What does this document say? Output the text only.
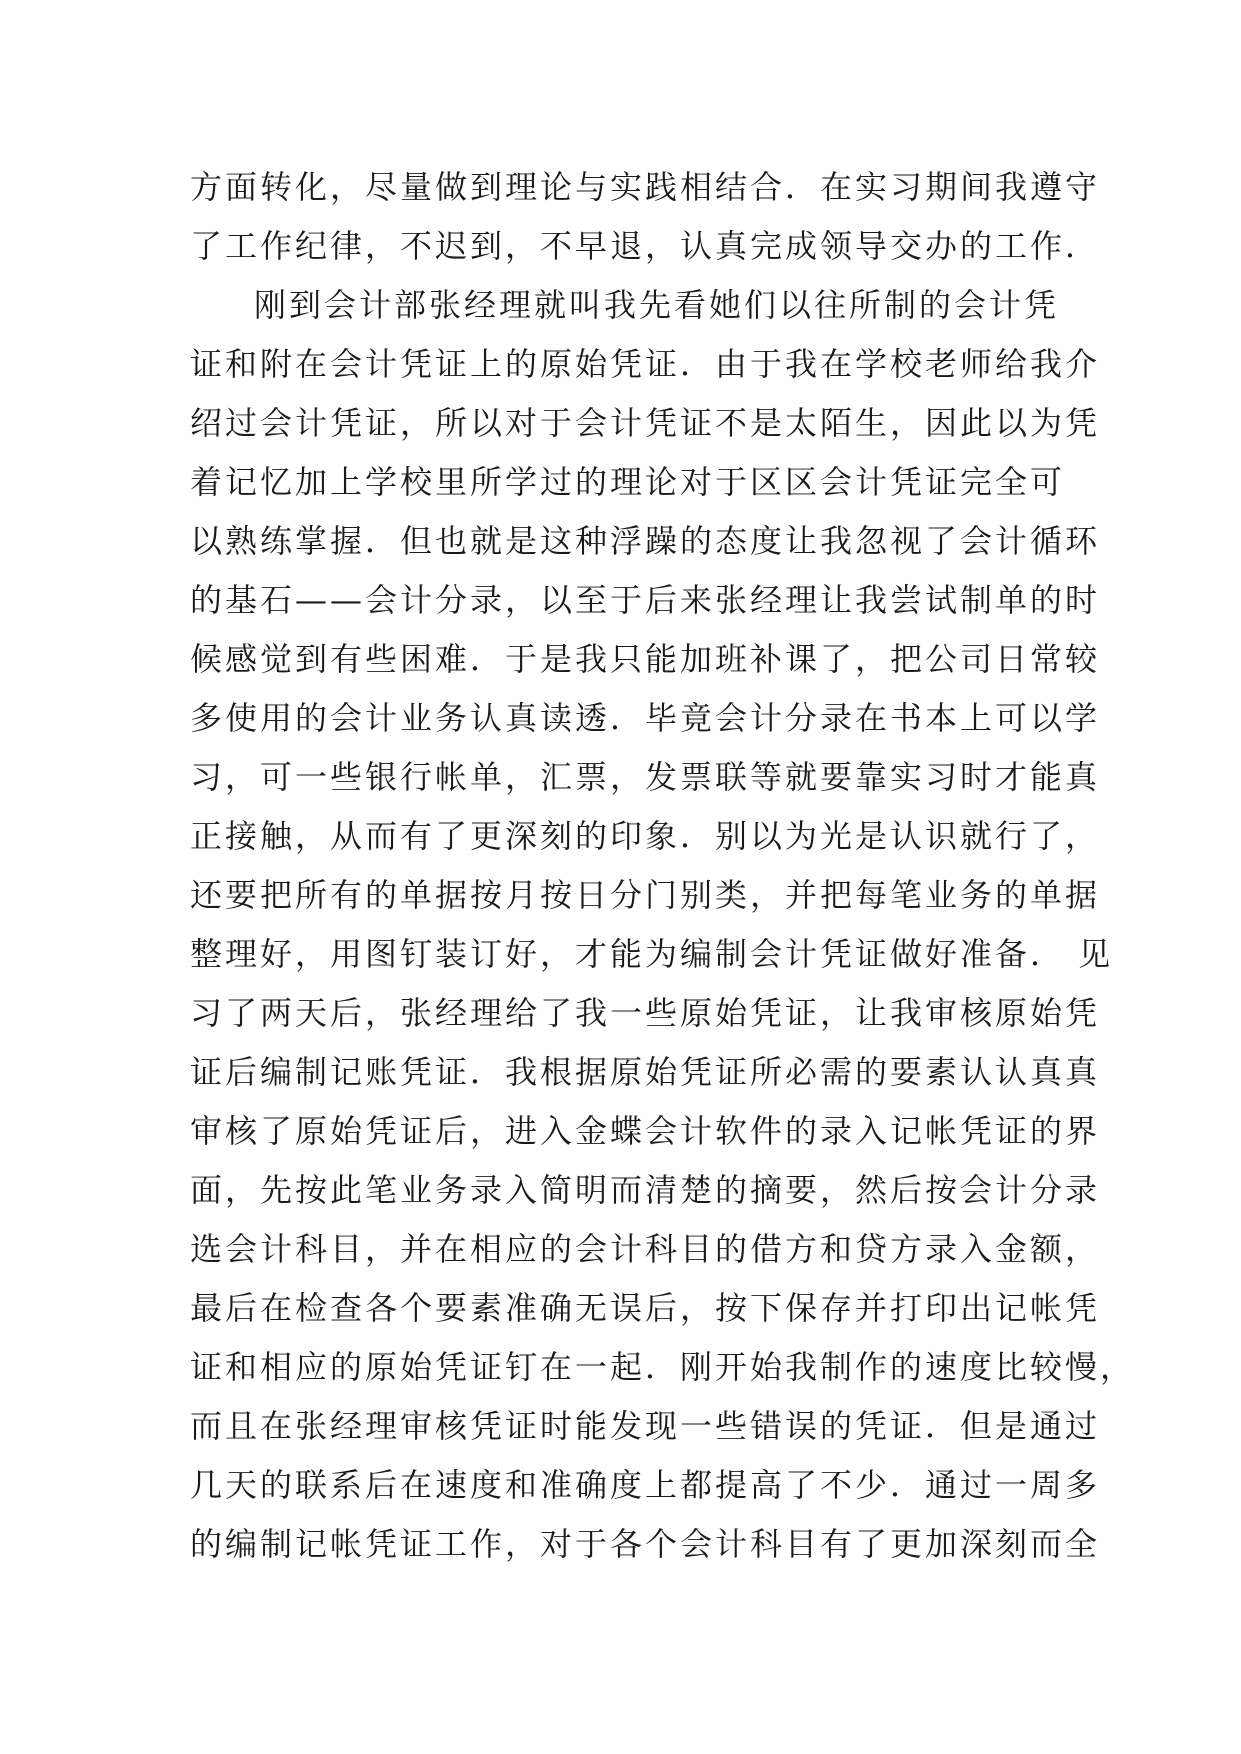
方面转化，尽量做到理论与实践相结合．在实习期间我遵守
了工作纪律，不迟到，不早退，认真完成领导交办的工作．
刚到会计部张经理就叫我先看她们以往所制的会计凭
证和附在会计凭证上的原始凭证．由于我在学校老师给我介
绍过会计凭证，所以对于会计凭证不是太陌生，因此以为凭
着记忆加上学校里所学过的理论对于区区会计凭证完全可
以熟练掌握．但也就是这种浮躁的态度让我忽视了会计循环
的基石——会计分录，以至于后来张经理让我尝试制单的时
候感觉到有些困难．于是我只能加班补课了，把公司日常较
多使用的会计业务认真读透．毕竟会计分录在书本上可以学
习，可一些银行帐单，汇票，发票联等就要靠实习时才能真
正接触，从而有了更深刻的印象．别以为光是认识就行了，
还要把所有的单据按月按日分门别类，并把每笔业务的单据
整理好，用图钉装订好，才能为编制会计凭证做好准备． 见
习了两天后，张经理给了我一些原始凭证，让我审核原始凭
证后编制记账凭证．我根据原始凭证所必需的要素认认真真
审核了原始凭证后，进入金蝶会计软件的录入记帐凭证的界
面，先按此笔业务录入简明而清楚的摘要，然后按会计分录
选会计科目，并在相应的会计科目的借方和贷方录入金额，
最后在检查各个要素准确无误后，按下保存并打印出记帐凭
证和相应的原始凭证钉在一起．刚开始我制作的速度比较慢，
而且在张经理审核凭证时能发现一些错误的凭证．但是通过
几天的联系后在速度和准确度上都提高了不少．通过一周多
的编制记帐凭证工作，对于各个会计科目有了更加深刻而全
